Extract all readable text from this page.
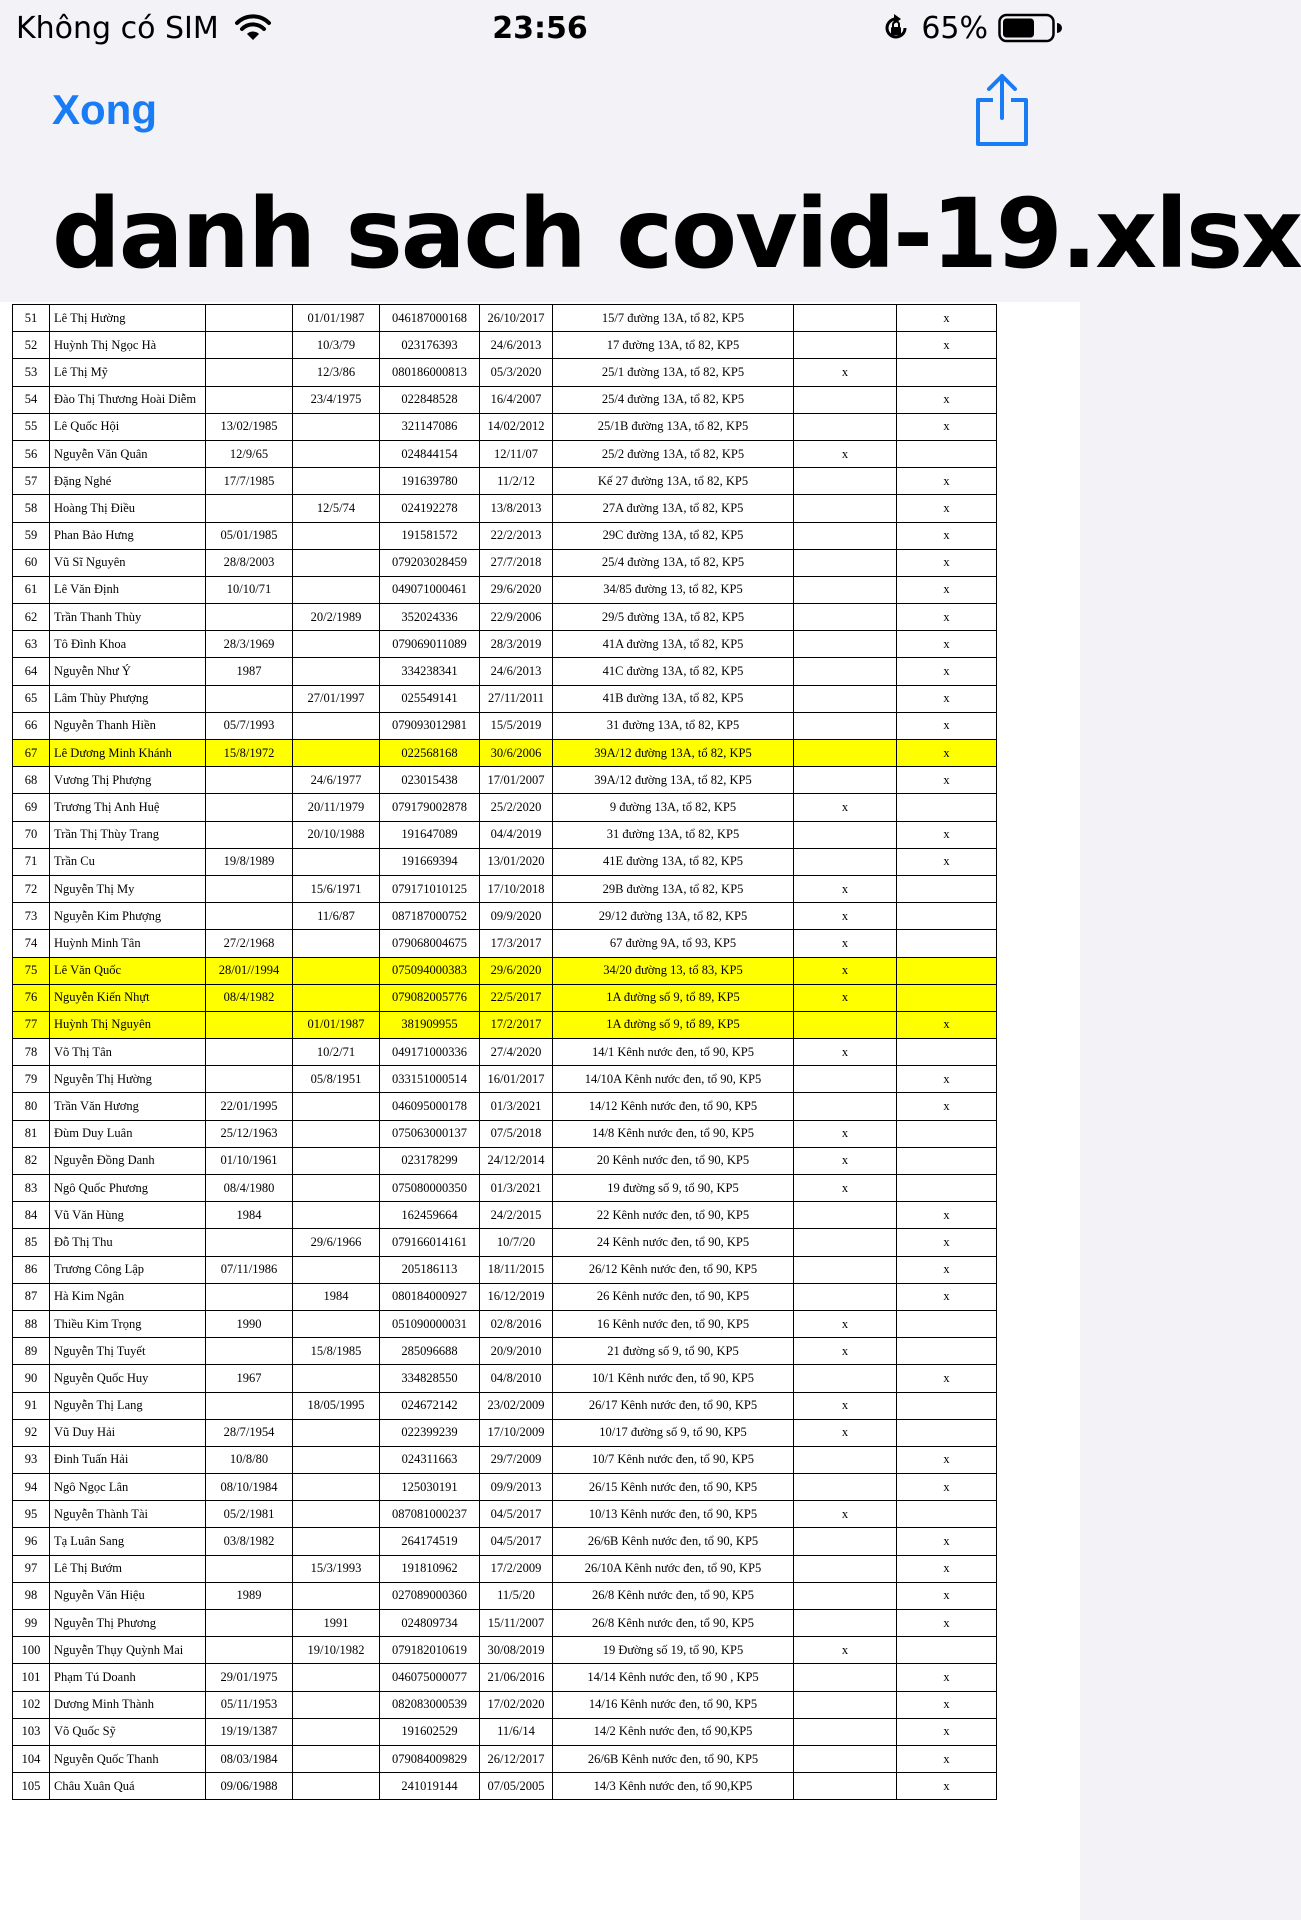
Không có SIM	23:56	65%
Xong
danh sach covid-19.xlsx
51	Lê Thị Hường		01/01/1987	046187000168	26/10/2017	15/7 đường 13A, tổ 82, KP5		x
52	Huỳnh Thị Ngọc Hà		10/3/79	023176393	24/6/2013	17 đường 13A, tổ 82, KP5		x
53	Lê Thị Mỹ		12/3/86	080186000813	05/3/2020	25/1 đường 13A, tổ 82, KP5	x	
54	Đào Thị Thương Hoài Diễm		23/4/1975	022848528	16/4/2007	25/4 đường 13A, tổ 82, KP5		x
55	Lê Quốc Hội	13/02/1985		321147086	14/02/2012	25/1B đường 13A, tổ 82, KP5		x
56	Nguyễn Văn Quân	12/9/65		024844154	12/11/07	25/2 đường 13A, tổ 82, KP5	x	
57	Đặng Nghé	17/7/1985		191639780	11/2/12	Kế 27 đường 13A, tổ 82, KP5		x
58	Hoàng Thị Điều		12/5/74	024192278	13/8/2013	27A đường 13A, tổ 82, KP5		x
59	Phan Bảo Hưng	05/01/1985		191581572	22/2/2013	29C đường 13A, tổ 82, KP5		x
60	Vũ Sĩ Nguyên	28/8/2003		079203028459	27/7/2018	25/4 đường 13A, tổ 82, KP5		x
61	Lê Văn Định	10/10/71		049071000461	29/6/2020	34/85 đường 13, tổ 82, KP5		x
62	Trần Thanh Thùy		20/2/1989	352024336	22/9/2006	29/5 đường 13A, tổ 82, KP5		x
63	Tô Đình Khoa	28/3/1969		079069011089	28/3/2019	41A đường 13A, tổ 82, KP5		x
64	Nguyễn Như Ý	1987		334238341	24/6/2013	41C đường 13A, tổ 82, KP5		x
65	Lâm Thùy Phượng		27/01/1997	025549141	27/11/2011	41B đường 13A, tổ 82, KP5		x
66	Nguyễn Thanh Hiền	05/7/1993		079093012981	15/5/2019	31 đường 13A, tổ 82, KP5		x
67	Lê Dương Minh Khánh	15/8/1972		022568168	30/6/2006	39A/12 đường 13A, tổ 82, KP5		x
68	Vương Thị Phượng		24/6/1977	023015438	17/01/2007	39A/12 đường 13A, tổ 82, KP5		x
69	Trương Thị Anh Huệ		20/11/1979	079179002878	25/2/2020	9 đường 13A, tổ 82, KP5	x	
70	Trần Thị Thùy Trang		20/10/1988	191647089	04/4/2019	31 đường 13A, tổ 82, KP5		x
71	Trần Cu	19/8/1989		191669394	13/01/2020	41E đường 13A, tổ 82, KP5		x
72	Nguyễn Thị My		15/6/1971	079171010125	17/10/2018	29B đường 13A, tổ 82, KP5	x	
73	Nguyễn Kim Phượng		11/6/87	087187000752	09/9/2020	29/12 đường 13A, tổ 82, KP5	x	
74	Huỳnh Minh Tân	27/2/1968		079068004675	17/3/2017	67 đường 9A, tổ 93, KP5	x	
75	Lê Văn Quốc	28/01//1994		075094000383	29/6/2020	34/20 đường 13, tổ 83, KP5	x	
76	Nguyễn Kiến Nhựt	08/4/1982		079082005776	22/5/2017	1A đường số 9, tổ 89, KP5	x	
77	Huỳnh Thị Nguyên		01/01/1987	381909955	17/2/2017	1A đường số 9, tổ 89, KP5		x
78	Võ Thị Tân		10/2/71	049171000336	27/4/2020	14/1 Kênh nước đen, tổ 90, KP5	x	
79	Nguyễn Thị Hường		05/8/1951	033151000514	16/01/2017	14/10A Kênh nước đen, tổ 90, KP5		x
80	Trần Văn Hương	22/01/1995		046095000178	01/3/2021	14/12 Kênh nước đen, tổ 90, KP5		x
81	Đùm Duy Luân	25/12/1963		075063000137	07/5/2018	14/8 Kênh nước đen, tổ 90, KP5	x	
82	Nguyễn Đồng Danh	01/10/1961		023178299	24/12/2014	20 Kênh nước đen, tổ 90, KP5	x	
83	Ngô Quốc Phương	08/4/1980		075080000350	01/3/2021	19 đường số 9, tổ 90, KP5	x	
84	Vũ Văn Hùng	1984		162459664	24/2/2015	22 Kênh nước đen, tổ 90, KP5		x
85	Đỗ Thị Thu		29/6/1966	079166014161	10/7/20	24 Kênh nước đen, tổ 90, KP5		x
86	Trương Công Lập	07/11/1986		205186113	18/11/2015	26/12 Kênh nước đen, tổ 90, KP5		x
87	Hà Kim Ngân		1984	080184000927	16/12/2019	26 Kênh nước đen, tổ 90, KP5		x
88	Thiều Kim Trọng	1990		051090000031	02/8/2016	16 Kênh nước đen, tổ 90, KP5	x	
89	Nguyễn Thị Tuyết		15/8/1985	285096688	20/9/2010	21 đường số 9, tổ 90, KP5	x	
90	Nguyễn Quốc Huy	1967		334828550	04/8/2010	10/1 Kênh nước đen, tổ 90, KP5		x
91	Nguyễn Thị Lang		18/05/1995	024672142	23/02/2009	26/17 Kênh nước đen, tổ 90, KP5	x	
92	Vũ Duy Hải	28/7/1954		022399239	17/10/2009	10/17 đường số 9, tổ 90, KP5	x	
93	Đinh Tuấn Hải	10/8/80		024311663	29/7/2009	10/7 Kênh nước đen, tổ 90, KP5		x
94	Ngô Ngọc Lân	08/10/1984		125030191	09/9/2013	26/15 Kênh nước đen, tổ 90, KP5		x
95	Nguyễn Thành Tài	05/2/1981		087081000237	04/5/2017	10/13 Kênh nước đen, tổ 90, KP5	x	
96	Tạ Luân Sang	03/8/1982		264174519	04/5/2017	26/6B Kênh nước đen, tổ 90, KP5		x
97	Lê Thị Bướm		15/3/1993	191810962	17/2/2009	26/10A Kênh nước đen, tổ 90, KP5		x
98	Nguyễn Văn Hiệu	1989		027089000360	11/5/20	26/8 Kênh nước đen, tổ 90, KP5		x
99	Nguyễn Thị Phương		1991	024809734	15/11/2007	26/8 Kênh nước đen, tổ 90, KP5		x
100	Nguyễn Thụy Quỳnh Mai		19/10/1982	079182010619	30/08/2019	19 Đường số 19, tổ 90, KP5	x	
101	Phạm Tú Doanh	29/01/1975		046075000077	21/06/2016	14/14 Kênh nước đen, tổ 90 , KP5		x
102	Dương Minh Thành	05/11/1953		082083000539	17/02/2020	14/16 Kênh nước đen, tổ 90, KP5		x
103	Võ Quốc Sỹ	19/19/1387		191602529	11/6/14	14/2 Kênh nước đen, tổ 90,KP5		x
104	Nguyễn Quốc Thanh	08/03/1984		079084009829	26/12/2017	26/6B Kênh nước đen, tổ 90, KP5		x
105	Châu Xuân Quá	09/06/1988		241019144	07/05/2005	14/3 Kênh nước đen, tổ 90,KP5		x
